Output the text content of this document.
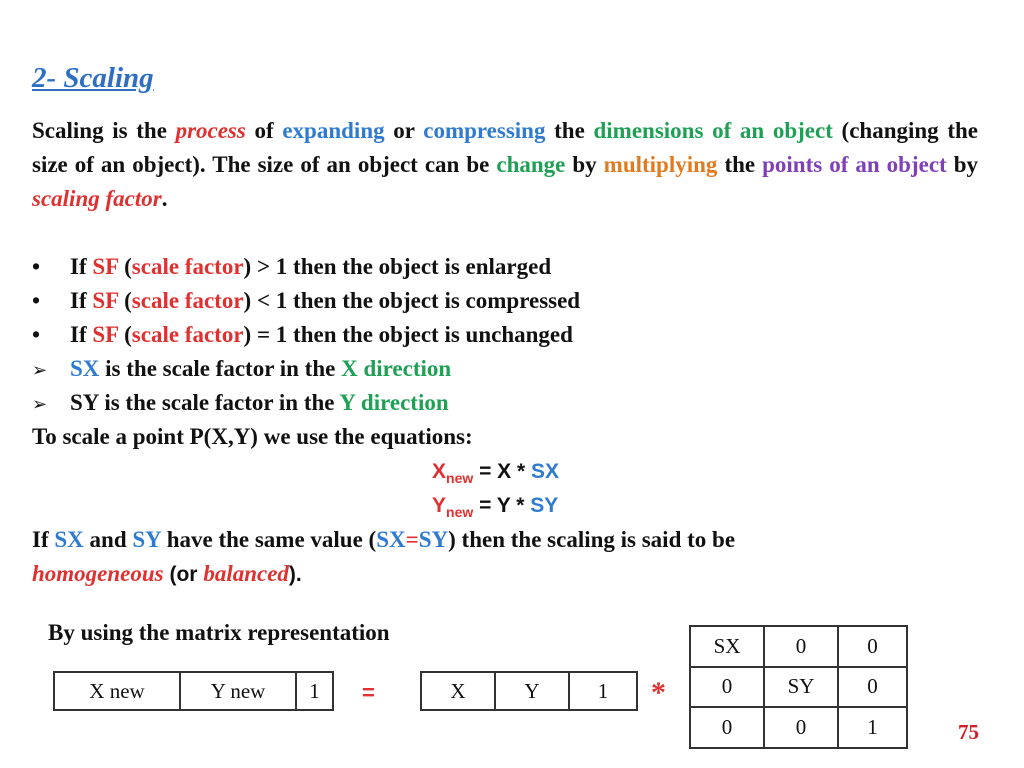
2- Scaling
Scaling is the process of expanding or compressing the dimensions of an object (changing the size of an object). The size of an object can be change by multiplying the points of an object by scaling factor.
• If SF (scale factor) > 1 then the object is enlarged
• If SF (scale factor) < 1 then the object is compressed
• If SF (scale factor) = 1 then the object is unchanged
➢ SX is the scale factor in the X direction
➢ SY is the scale factor in the Y direction
To scale a point P(X,Y) we use the equations:
$X_{new} = X$ * SX
$Y_{new} = Y$ * SY
If SX and SY have the same value (SX=SY) then the scaling is said to be
homogeneous (or balanced).
By using the matrix representation
X new	Y new	1 =	X	Y	1 *
SX	0	0
0	SY	0
0	0	1	75
